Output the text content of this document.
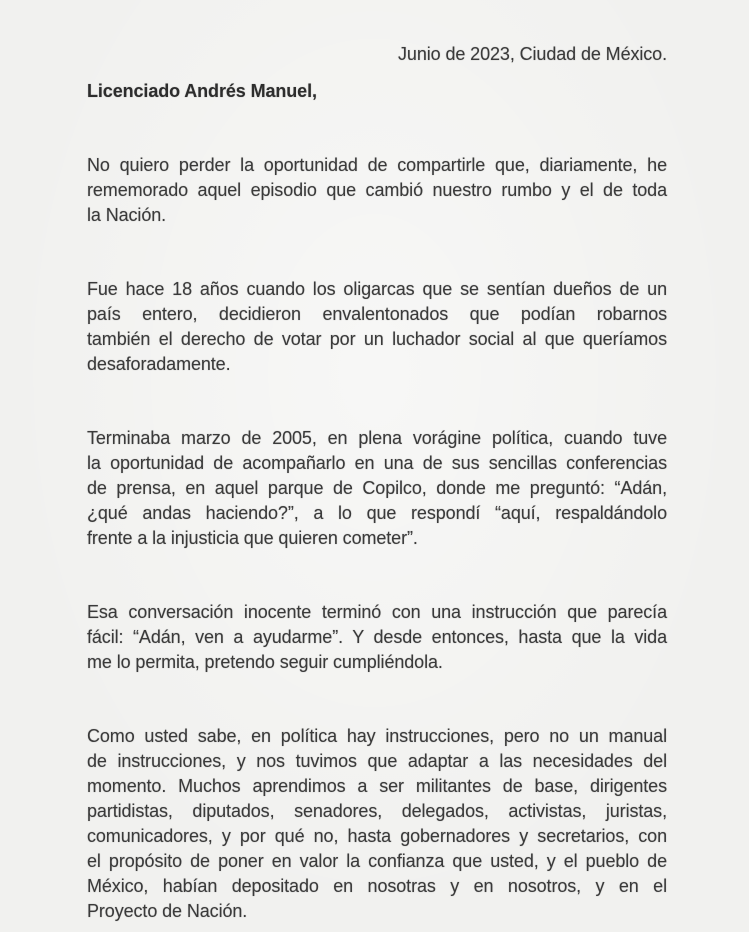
Junio de 2023, Ciudad de México.
Licenciado Andrés Manuel,
No quiero perder la oportunidad de compartirle que, diariamente, he
rememorado aquel episodio que cambió nuestro rumbo y el de toda
la Nación.
Fue hace 18 años cuando los oligarcas que se sentían dueños de un
país entero, decidieron envalentonados que podían robarnos
también el derecho de votar por un luchador social al que queríamos
desaforadamente.
Terminaba marzo de 2005, en plena vorágine política, cuando tuve
la oportunidad de acompañarlo en una de sus sencillas conferencias
de prensa, en aquel parque de Copilco, donde me preguntó: “Adán,
¿qué andas haciendo?”, a lo que respondí “aquí, respaldándolo
frente a la injusticia que quieren cometer”.
Esa conversación inocente terminó con una instrucción que parecía
fácil: “Adán, ven a ayudarme”. Y desde entonces, hasta que la vida
me lo permita, pretendo seguir cumpliéndola.
Como usted sabe, en política hay instrucciones, pero no un manual
de instrucciones, y nos tuvimos que adaptar a las necesidades del
momento. Muchos aprendimos a ser militantes de base, dirigentes
partidistas, diputados, senadores, delegados, activistas, juristas,
comunicadores, y por qué no, hasta gobernadores y secretarios, con
el propósito de poner en valor la confianza que usted, y el pueblo de
México, habían depositado en nosotras y en nosotros, y en el
Proyecto de Nación.
